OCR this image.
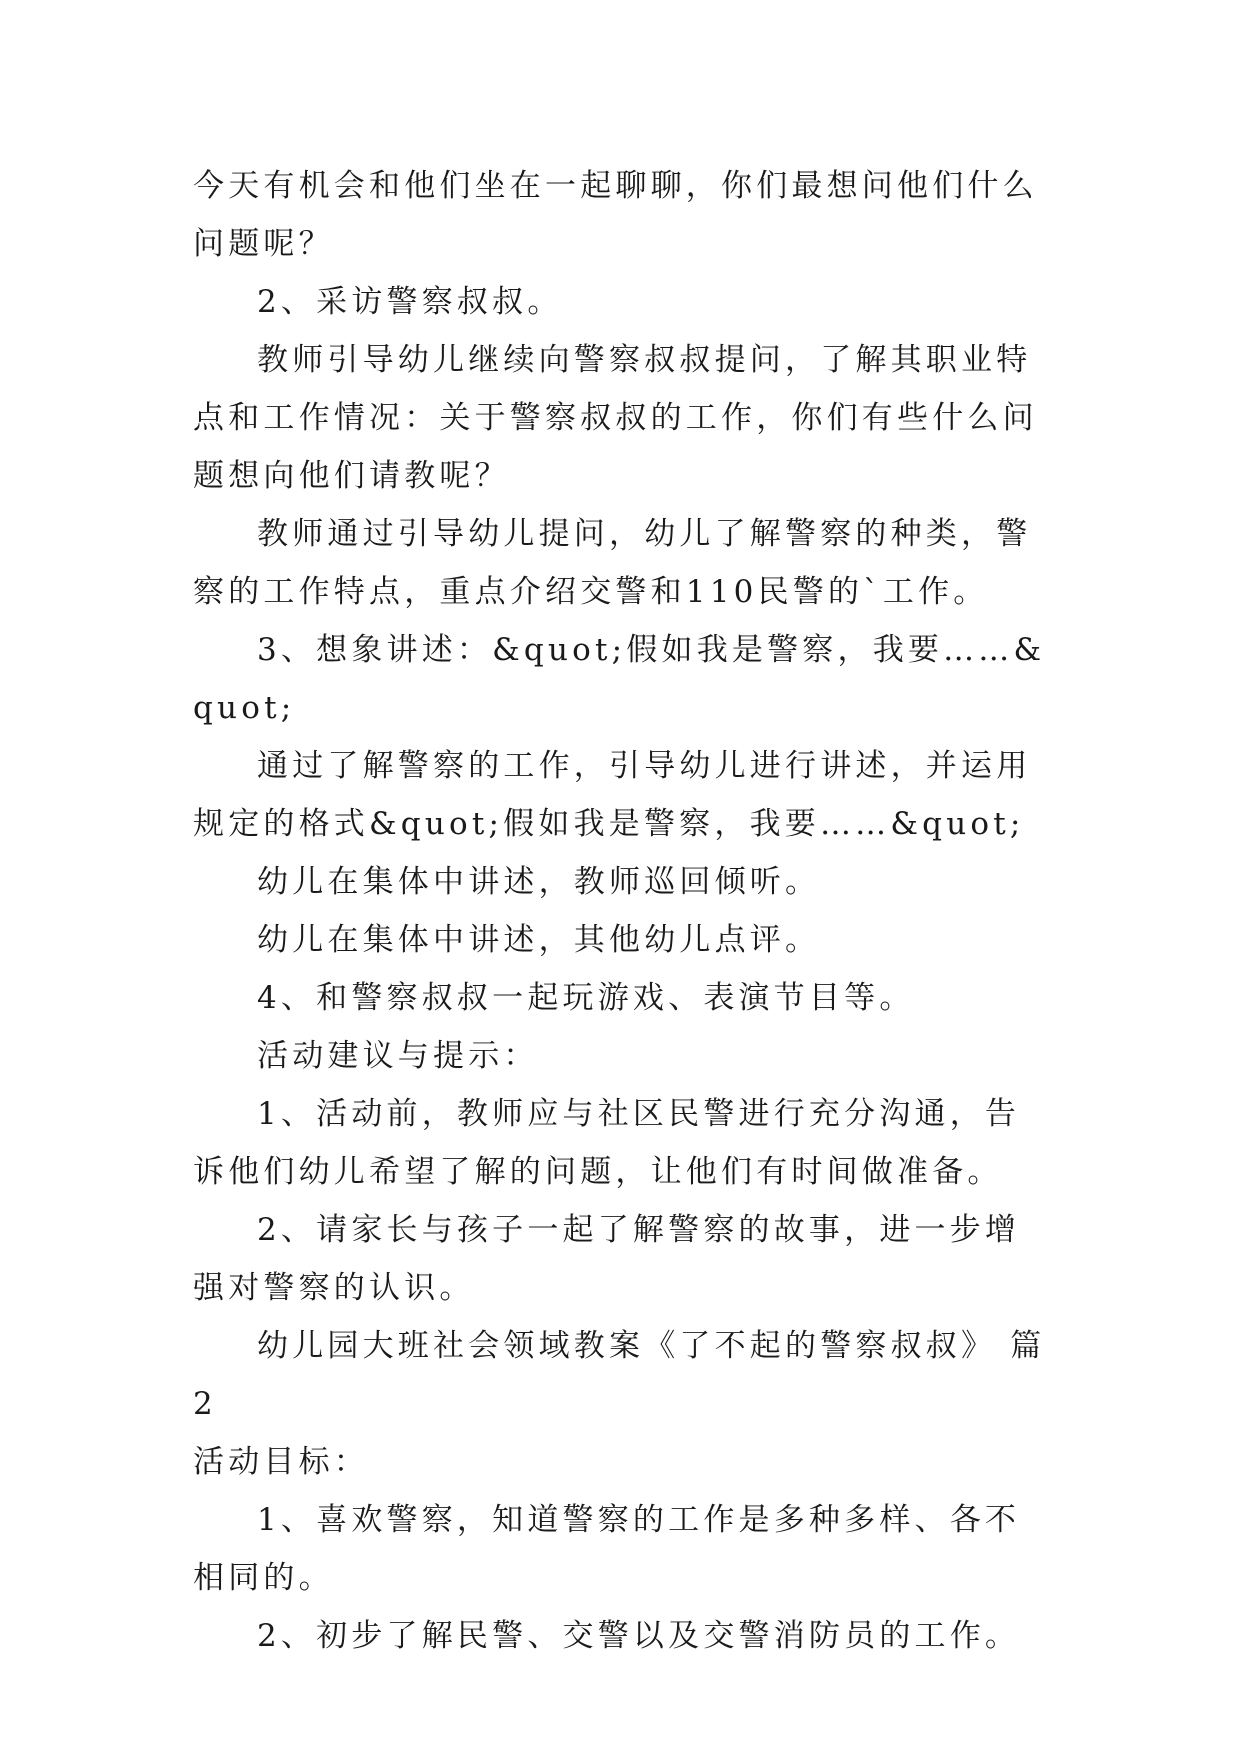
今天有机会和他们坐在一起聊聊，你们最想问他们什么问题呢？

2、采访警察叔叔。

教师引导幼儿继续向警察叔叔提问，了解其职业特点和工作情况：关于警察叔叔的工作，你们有些什么问题想向他们请教呢？

教师通过引导幼儿提问，幼儿了解警察的种类，警察的工作特点，重点介绍交警和110民警的`工作。

3、想象讲述：&quot;假如我是警察，我要……&quot;

通过了解警察的工作，引导幼儿进行讲述，并运用规定的格式&quot;假如我是警察，我要……&quot;

幼儿在集体中讲述，教师巡回倾听。

幼儿在集体中讲述，其他幼儿点评。

4、和警察叔叔一起玩游戏、表演节目等。

活动建议与提示：

1、活动前，教师应与社区民警进行充分沟通，告诉他们幼儿希望了解的问题，让他们有时间做准备。

2、请家长与孩子一起了解警察的故事，进一步增强对警察的认识。

幼儿园大班社会领域教案《了不起的警察叔叔》 篇2

活动目标：

1、喜欢警察，知道警察的工作是多种多样、各不相同的。

2、初步了解民警、交警以及交警消防员的工作。
